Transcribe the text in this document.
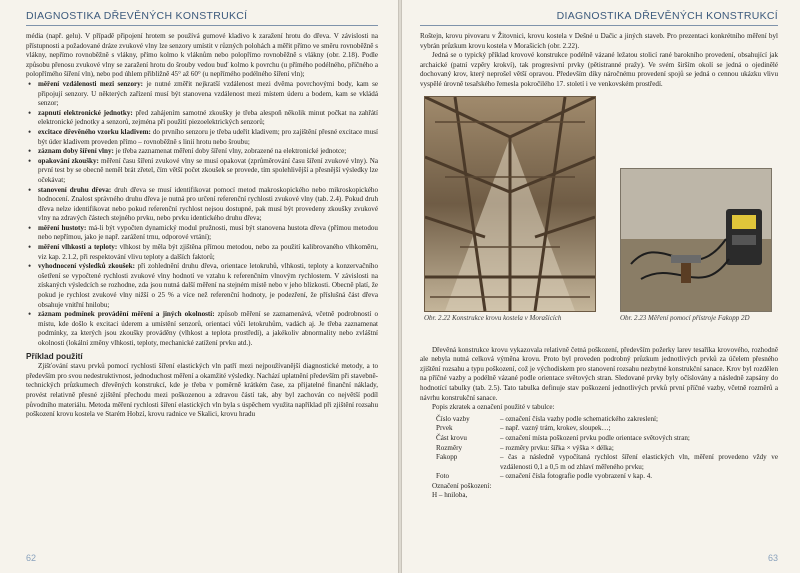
DIAGNOSTIKA DŘEVĚNÝCH KONSTRUKCÍ

média (např. gelu). V případě připojení hrotem se používá gumové kladivo k zaražení hrotu do dřeva. V závislosti na přístupnosti a požadované dráze zvukové vlny lze senzory umístit v různých polohách a měřit přímo ve směru rovnoběžně s vlákny, nepřímo rovnoběžně s vlákny, přímo kolmo k vláknům nebo polopřímo rovnoběžně s vlákny (obr. 2.18). Podle způsobu přenosu zvukové vlny se zaražení hrotu do šrouby vedou buď kolmo k povrchu (u přímého podélného, příčného a polopřímého šíření vln), nebo pod úhlem přibližně 45° až 60° (u nepřímého podélného šíření vln);

• měření vzdálenosti mezi senzory: je nutné změřit nejkratší vzdálenost mezi dvěma povrchovými body, kam se připojují senzory. U některých zařízení musí být stanovena vzdálenost mezi místem úderu a bodem, kam se vkládá senzor;
• zapnutí elektronické jednotky: před zahájením samotné zkoušky je třeba alespoň několik minut počkat na zahřátí elektronické jednotky a senzorů, zejména při použití piezoelektrických senzorů;
• excitace dřevěného vzorku kladivem: do prvního senzoru je třeba udeřit kladivem; pro zajištění přesné excitace musí být úder kladivem proveden přímo – rovnoběžně s linií hrotu nebo šroubu;
• záznam doby šíření vlny: je třeba zaznamenat měření doby šíření vlny, zobrazené na elektronické jednotce;
• opakování zkoušky: měření času šíření zvukové vlny se musí opakovat (zprůměrování času šíření zvukové vlny). Na první test by se obecně neměl brát zřetel, čím větší počet zkoušek se provede, tím spolehlivější a přesnější výsledky lze očekávat;
• stanovení druhu dřeva: druh dřeva se musí identifikovat pomocí metod makroskopického nebo mikroskopického hodnocení. Znalost správného druhu dřeva je nutná pro určení referenční rychlosti zvukové vlny (tab. 2.4). Pokud druh dřeva nelze identifikovat nebo pokud referenční rychlost nejsou dostupné, pak musí být provedeny zkoušky zvukové vlny na zdravých částech stejného prvku, nebo prvku identického druhu dřeva;
• měření hustoty: má-li být vypočten dynamický modul pružnosti, musí být stanovena hustota dřeva (přímou metodou nebo nepřímou, jako je např. zarážení trnu, odporové vrtání);
• měření vlhkosti a teploty: vlhkost by měla být zjištěna přímou metodou, nebo za použití kalibrovaného vlhkoměru, viz kap. 2.1.2, při respektování vlivu teploty a dalších faktorů;
• vyhodnocení výsledků zkoušek: při zohlednění druhu dřeva, orientace letokruhů, vlhkosti, teploty a konzervačního ošetření se vypočtené rychlosti zvukové vlny hodnotí ve vztahu k referenčním vlnovým rychlostem. V závislosti na získaných výsledcích se rozhodne, zda jsou nutná další měření na stejném místě nebo v jeho blízkosti. Obecně platí, že pokud je rychlost zvukové vlny nižší o 25 % a více než referenční hodnoty, je podezření, že příslušná část dřeva obsahuje vnitřní hnilobu;
• záznam podmínek provádění měření a jiných okolností: způsob měření se zaznamenává, včetně podrobností o místu, kde došlo k excitaci úderem a umístění senzorů, orientaci vůči letokruhům, vadách aj. Je třeba zaznamenat podmínky, za kterých jsou zkoušky prováděny (vlhkost a teplota prostředí), a jakékoliv abnormality nebo zvláštní okolnosti (lokální změny vlhkosti, teploty, mechanické zatížení prvku atd.).
Příklad použití

Zjišťování stavu prvků pomocí rychlosti šíření elastických vln patří mezi nejpoužívanější diagnostické metody, a to především pro svou nedestruktivnost, jednoduchost měření a okamžité výsledky. Nachází uplatnění především při stavebně-technických průzkumech dřevěných konstrukcí, kde je třeba v poměrně krátkém čase, za přijatelné finanční náklady, provést relativně přesné zjištění přechodu mezi poškozenou a zdravou částí tak, aby byl zachován co největší podíl původního materiálu. Metoda měření rychlosti šíření elastických vln byla s úspěchem využita například při zjištění rozsahu poškození krovu kostela ve Starém Hobzí, krovu radnice ve Skalici, krovu hradu

62
DIAGNOSTIKA DŘEVĚNÝCH KONSTRUKCÍ

Roštejn, krovu pivovaru v Žitovnici, krovu kostela v Dešné u Dačic a jiných staveb. Pro prezentaci konkrétního měření byl vybrán průzkum krovu kostela v Morašicích (obr. 2.22).

Jedná se o typický příklad krovové konstrukce podélně vázané ležatou stolicí rané barokního provedení, obsahující jak archaické (patní vzpěry krokví), tak progresivní prvky (pětistranné pražy). Ve svém širším okolí se jedná o ojedinělé dochovaný krov, který neprošel větší opravou. Především díky náročnému provedení spojů se jedná o cennou ukázku vlivu vyspělé úrovně tesařského řemesla pokročilého 17. století i ve venkovském prostředí.

Obr. 2.22 Konstrukce krovu kostela v Morašicích	Obr. 2.23 Měření pomocí přístroje Fakopp 2D

Dřevěná konstrukce krovu vykazovala relativně četná poškození, především požerky larev tesaříka krovového, rozhodně ale nebyla nutná celková výměna krovu. Proto byl proveden podrobný průzkum jednotlivých prvků za účelem přesného zjištění rozsahu a typu poškození, což je východiskem pro stanovení rozsahu nezbytné konstrukční sanace. Krov byl rozdělen na příčné vazby a podélně vázané podle orientace světových stran. Sledované prvky byly očíslovány a následně zapsány do hodnotící tabulky (tab. 2.5). Tato tabulka definuje stav poškození jednotlivých prvků první příčné vazby, včetně rozměrů a návrhu konstrukční sanace.

Popis zkratek a označení použité v tabulce:

Číslo vazby	– označení čísla vazby podle schematického zakreslení;
Prvek	– např. vazný trám, krokev, sloupek…;
Část krovu	– označení místa poškození prvku podle orientace světových stran;
Rozměry	– rozměry prvku: šířka × výška × délka;
Fakopp	– čas a následně vypočítaná rychlost šíření elastických vln, měření provedeno vždy ve vzdálenosti 0,1 a 0,5 m od zhlaví měřeného prvku;
Foto	– označení čísla fotografie podle vyobrazení v kap. 4.

Označení poškození:

H – hniloba,

63
